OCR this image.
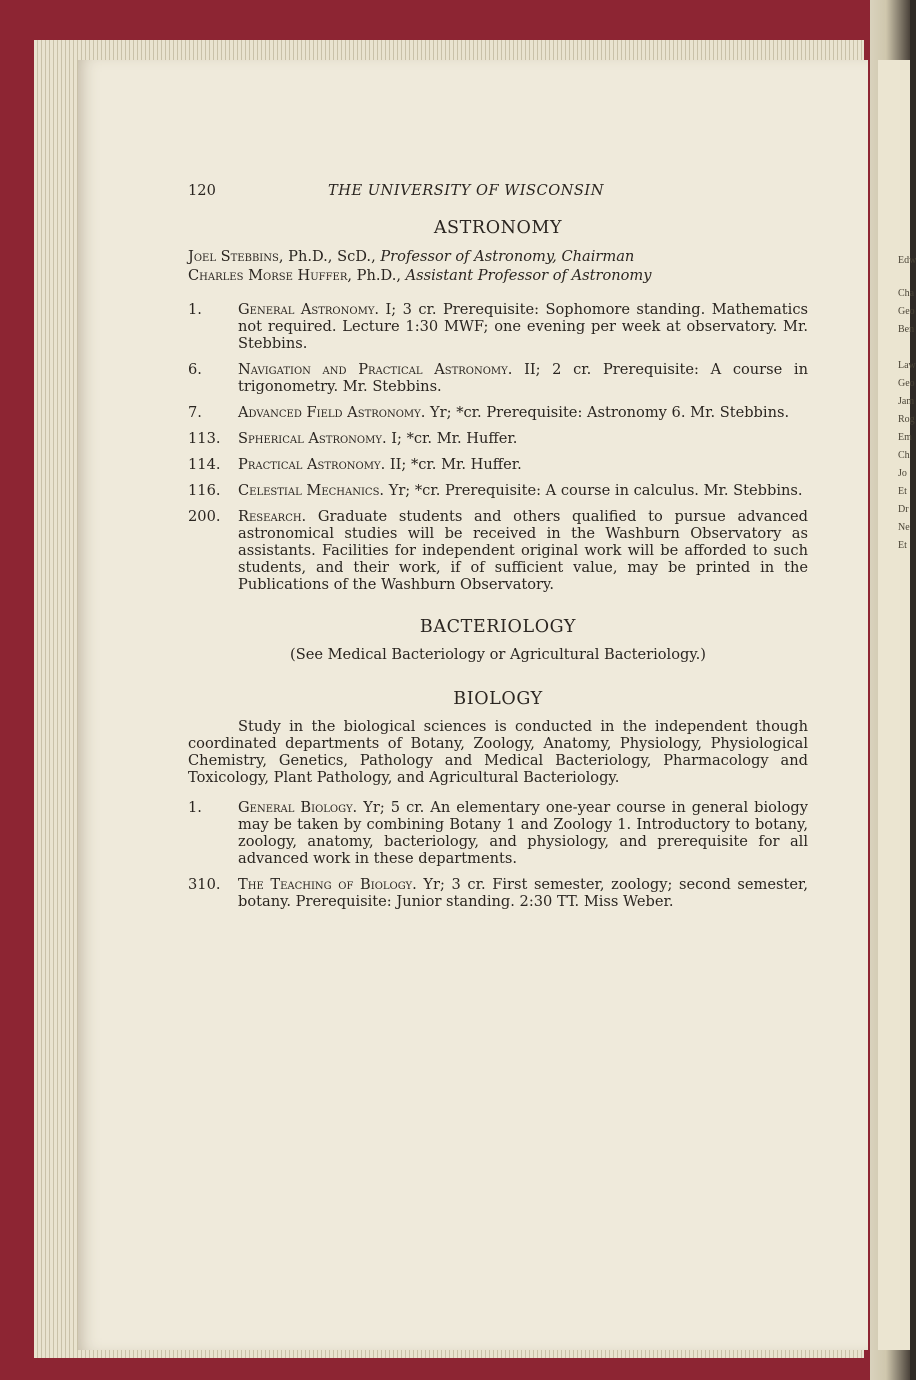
Edw
Cha
Geo
Ben
Law
Geo
Jam
Rog
Em
Ch
Jo
Et
Dr
Ne
Et
120	THE UNIVERSITY OF WISCONSIN
ASTRONOMY
Joel Stebbins, Ph.D., ScD., Professor of Astronomy, Chairman
Charles Morse Huffer, Ph.D., Assistant Professor of Astronomy
1.	General Astronomy. I; 3 cr. Prerequisite: Sophomore standing. Mathematics not required. Lecture 1:30 MWF; one evening per week at observatory. Mr. Stebbins.
6.	Navigation and Practical Astronomy. II; 2 cr. Prerequisite: A course in trigonometry. Mr. Stebbins.
7.	Advanced Field Astronomy. Yr; *cr. Prerequisite: Astronomy 6. Mr. Stebbins.
113.	Spherical Astronomy. I; *cr. Mr. Huffer.
114.	Practical Astronomy. II; *cr. Mr. Huffer.
116.	Celestial Mechanics. Yr; *cr. Prerequisite: A course in calculus. Mr. Stebbins.
200.	Research. Graduate students and others qualified to pursue advanced astronomical studies will be received in the Washburn Observatory as assistants. Facilities for independent original work will be afforded to such students, and their work, if of sufficient value, may be printed in the Publications of the Washburn Observatory.
BACTERIOLOGY
(See Medical Bacteriology or Agricultural Bacteriology.)
BIOLOGY
Study in the biological sciences is conducted in the independent though coordinated departments of Botany, Zoology, Anatomy, Physiology, Physiological Chemistry, Genetics, Pathology and Medical Bacteriology, Pharmacology and Toxicology, Plant Pathology, and Agricultural Bacteriology.
1.	General Biology. Yr; 5 cr. An elementary one-year course in general biology may be taken by combining Botany 1 and Zoology 1. Introductory to botany, zoology, anatomy, bacteriology, and physiology, and prerequisite for all advanced work in these departments.
310.	The Teaching of Biology. Yr; 3 cr. First semester, zoology; second semester, botany. Prerequisite: Junior standing. 2:30 TT. Miss Weber.
